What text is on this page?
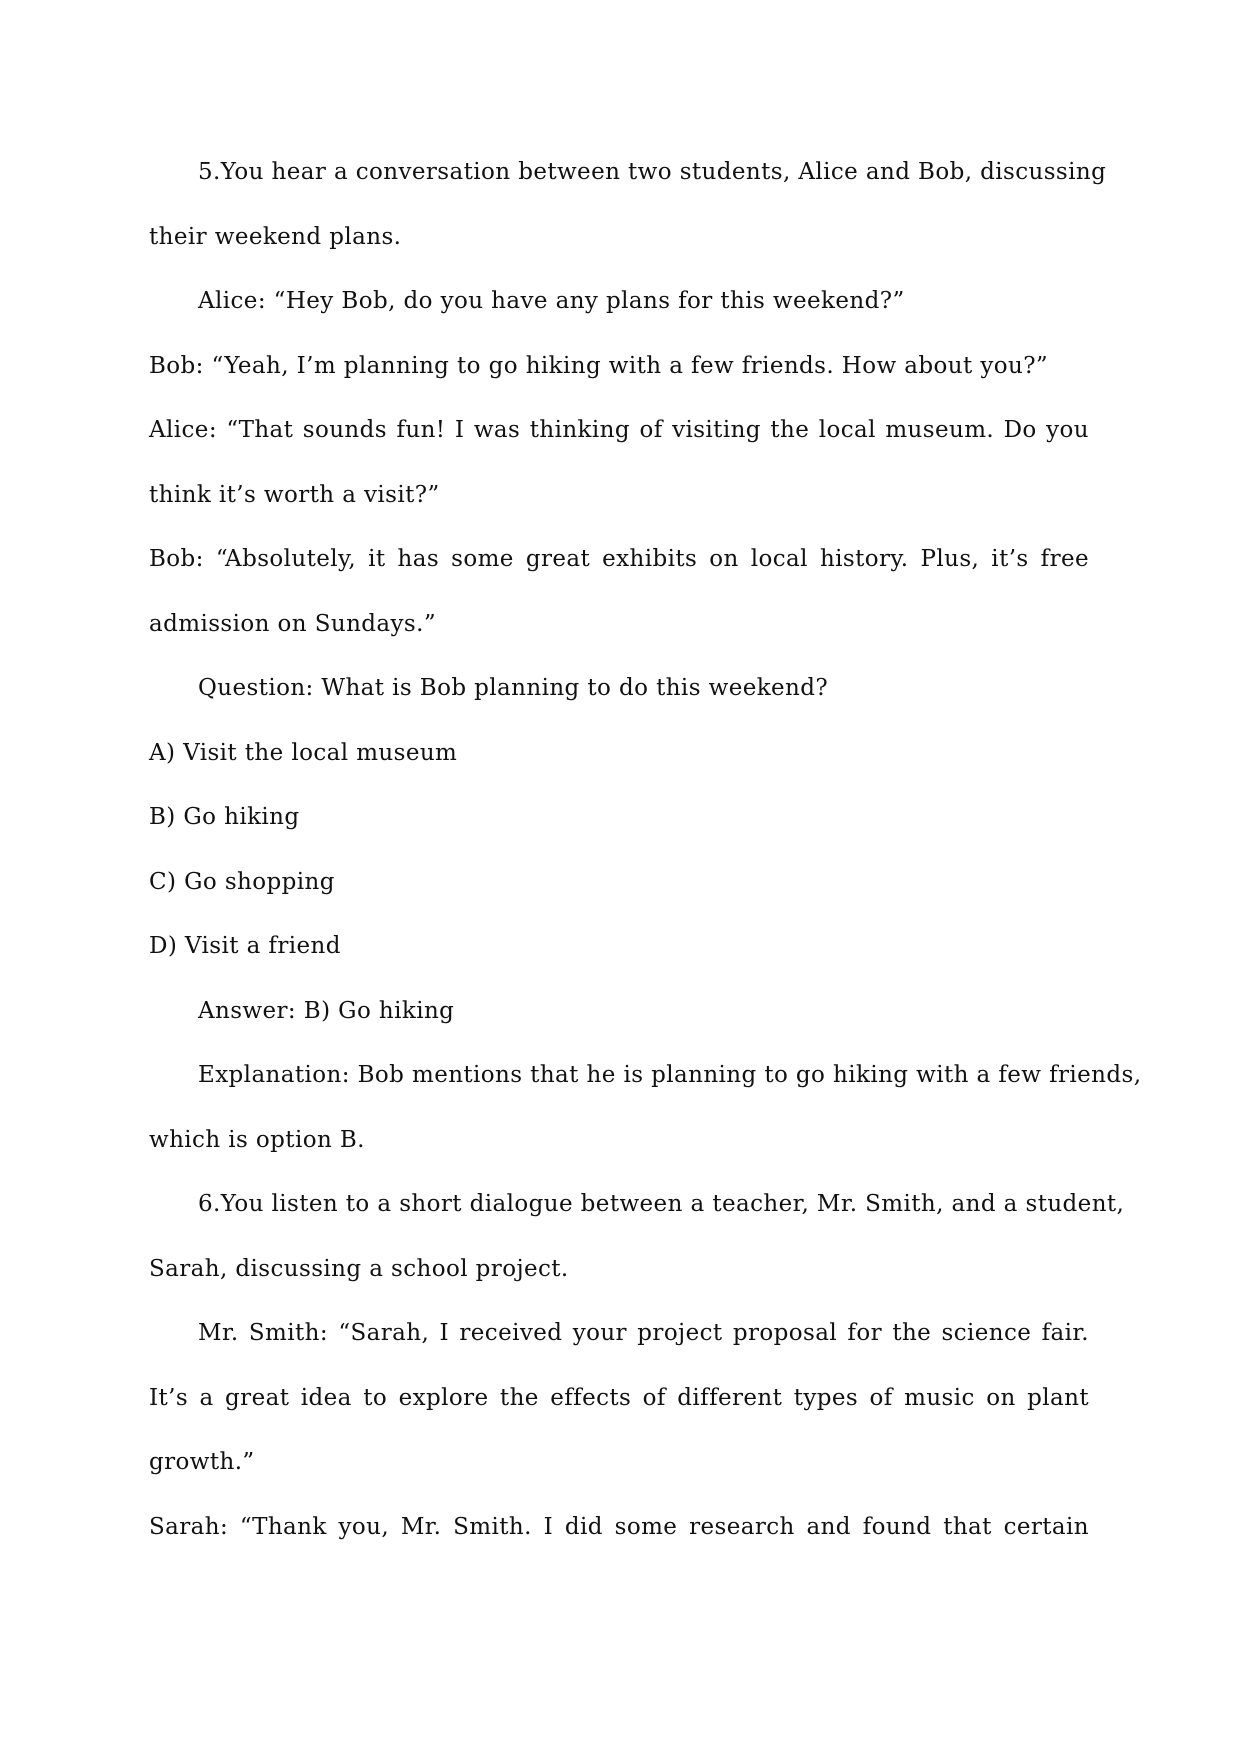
5.You hear a conversation between two students, Alice and Bob, discussing
their weekend plans.
Alice: “Hey Bob, do you have any plans for this weekend?”
Bob: “Yeah, I’m planning to go hiking with a few friends. How about you?”
Alice: “That sounds fun! I was thinking of visiting the local museum. Do you
think it’s worth a visit?”
Bob: “Absolutely, it has some great exhibits on local history. Plus, it’s free
admission on Sundays.”
Question: What is Bob planning to do this weekend?
A) Visit the local museum
B) Go hiking
C) Go shopping
D) Visit a friend
Answer: B) Go hiking
Explanation: Bob mentions that he is planning to go hiking with a few friends,
which is option B.
6.You listen to a short dialogue between a teacher, Mr. Smith, and a student,
Sarah, discussing a school project.
Mr. Smith: “Sarah, I received your project proposal for the science fair.
It’s a great idea to explore the effects of different types of music on plant
growth.”
Sarah: “Thank you, Mr. Smith. I did some research and found that certain
